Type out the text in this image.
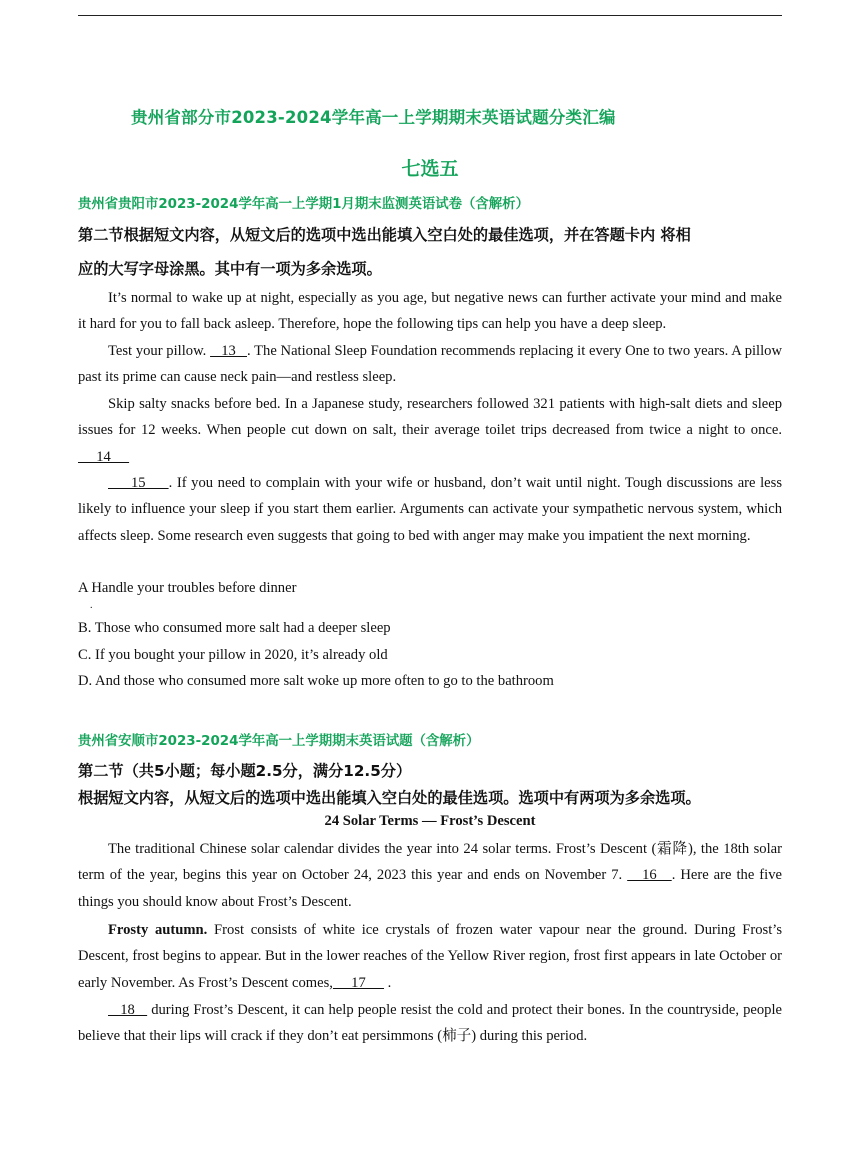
贵州省部分市2023-2024学年高一上学期期末英语试题分类汇编
七选五
贵州省贵阳市2023-2024学年高一上学期1月期末监测英语试卷（含解析）
第二节根据短文内容，从短文后的选项中选出能填入空白处的最佳选项，并在答题卡内 将相
应的大写字母涂黑。其中有一项为多余选项。
It’s normal to wake up at night, especially as you age, but negative news can further activate your mind and make it hard for you to fall back asleep. Therefore, hope the following tips can help you have a deep sleep.
Test your pillow.    13   . The National Sleep Foundation recommends replacing it every One to two years. A pillow past its prime can cause neck pain—and restless sleep.
Skip salty snacks before bed. In a Japanese study, researchers followed 321 patients with high-salt diets and sleep issues for 12 weeks. When people cut down on salt, their average toilet trips decreased from twice a night to once.      14
15     . If you need to complain with your wife or husband, don’t wait until night. Tough discussions are less likely to influence your sleep if you start them earlier. Arguments can activate your sympathetic nervous system, which affects sleep. Some research even suggests that going to bed with anger may make you impatient the next morning.
A Handle your troubles before dinner
.
B. Those who consumed more salt had a deeper sleep
C. If you bought your pillow in 2020, it’s already old
D. And those who consumed more salt woke up more often to go to the bathroom
贵州省安顺市2023-2024学年高一上学期期末英语试题（含解析）
第二节（共5小题；每小题2.5分，满分12.5分）
根据短文内容，从短文后的选项中选出能填入空白处的最佳选项。选项中有两项为多余选项。
24 Solar Terms — Frost’s Descent
The traditional Chinese solar calendar divides the year into 24 solar terms. Frost’s Descent (霜降), the 18th solar term of the year, begins this year on October 24, 2023 this year and ends on November 7.    16   . Here are the five things you should know about Frost’s Descent.
Frosty autumn. Frost consists of white ice crystals of frozen water vapour near the ground. During Frost’s Descent, frost begins to appear. But in the lower reaches of the Yellow River region, frost first appears in late October or early November. As Frost’s Descent comes,     17      .
18    during Frost’s Descent, it can help people resist the cold and protect their bones. In the countryside, people believe that their lips will crack if they don’t eat persimmons (柿子) during this period.
